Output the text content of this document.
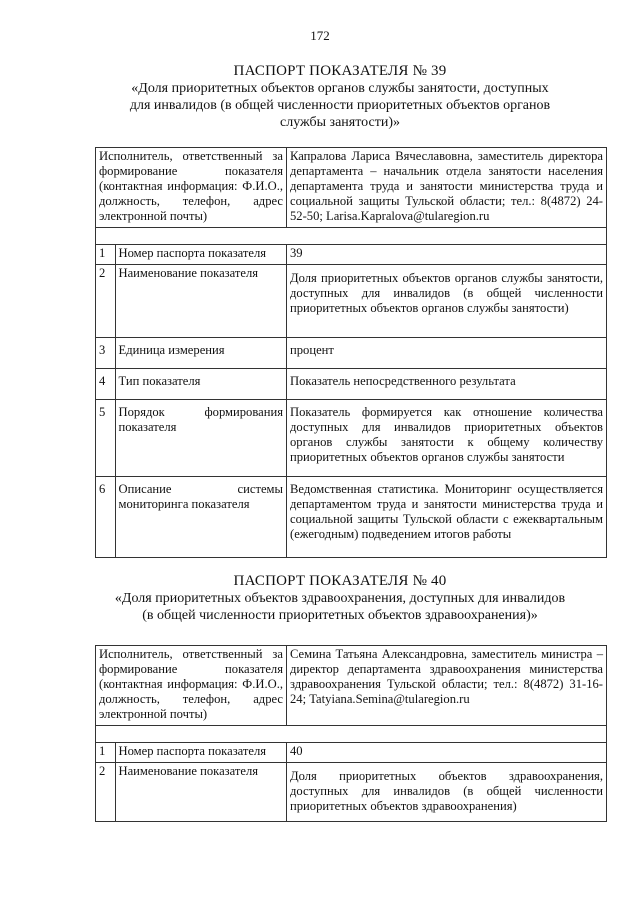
172
ПАСПОРТ ПОКАЗАТЕЛЯ № 39
«Доля приоритетных объектов органов службы занятости, доступных
для инвалидов (в общей численности приоритетных объектов органов
службы занятости)»
Исполнитель, ответственный за формирование показателя (контактная информация: Ф.И.О., должность, телефон, адрес электронной почты)		Капралова Лариса Вячеславовна, заместитель директора департамента – начальник отдела занятости населения департамента труда и занятости министерства труда и социальной защиты Тульской области; тел.: 8(4872) 24-52-50; Larisa.Kapralova@tularegion.ru

1	Номер паспорта показателя	39
2	Наименование показателя	Доля приоритетных объектов органов службы занятости, доступных для инвалидов (в общей численности приоритетных объектов органов службы занятости)
3	Единица измерения	процент
4	Тип показателя	Показатель непосредственного результата
5	Порядок формирования показателя	Показатель формируется как отношение количества доступных для инвалидов приоритетных объектов органов службы занятости к общему количеству приоритетных объектов органов службы занятости
6	Описание системы мониторинга показателя	Ведомственная статистика. Мониторинг осуществляется департаментом труда и занятости министерства труда и социальной защиты Тульской области с ежеквартальным (ежегодным) подведением итогов работы
ПАСПОРТ ПОКАЗАТЕЛЯ № 40
«Доля приоритетных объектов здравоохранения, доступных для инвалидов
(в общей численности приоритетных объектов здравоохранения)»
Исполнитель, ответственный за формирование показателя (контактная информация: Ф.И.О., должность, телефон, адрес электронной почты)		Семина Татьяна Александровна, заместитель министра – директор департамента здравоохранения министерства здравоохранения Тульской области; тел.: 8(4872) 31-16-24; Tatyiana.Semina@tularegion.ru

1	Номер паспорта показателя	40
2	Наименование показателя	Доля приоритетных объектов здравоохранения, доступных для инвалидов (в общей численности приоритетных объектов здравоохранения)
